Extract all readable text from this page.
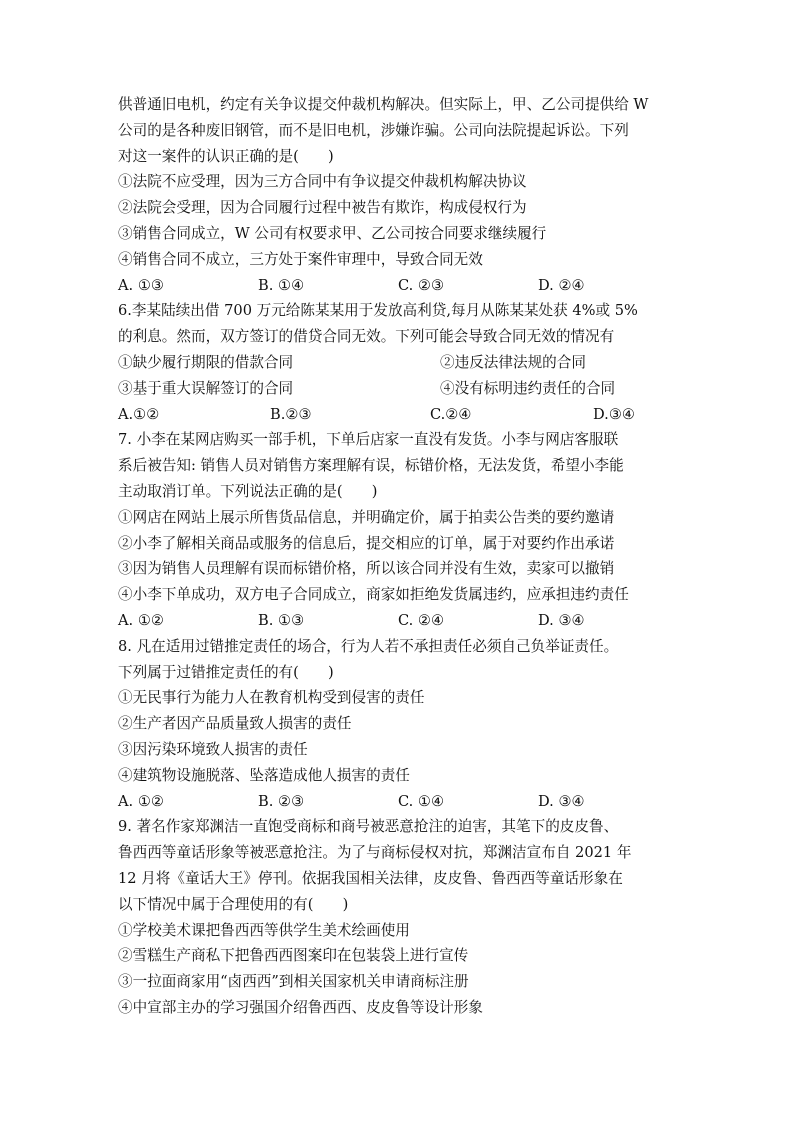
供普通旧电机，约定有关争议提交仲裁机构解决。但实际上，甲、乙公司提供给 W
公司的是各种废旧钢管，而不是旧电机，涉嫌诈骗。公司向法院提起诉讼。下列
对这一案件的认识正确的是(　　)
①法院不应受理，因为三方合同中有争议提交仲裁机构解决协议
②法院会受理，因为合同履行过程中被告有欺诈，构成侵权行为
③销售合同成立，W 公司有权要求甲、乙公司按合同要求继续履行
④销售合同不成立，三方处于案件审理中，导致合同无效
A. ①③	B. ①④	C. ②③	D. ②④
6.李某陆续出借 700 万元给陈某某用于发放高利贷,每月从陈某某处获 4%或 5%
的利息。然而，双方签订的借贷合同无效。下列可能会导致合同无效的情况有
①缺少履行期限的借款合同	②违反法律法规的合同
③基于重大误解签订的合同	④没有标明违约责任的合同
A.①②	B.②③	C.②④	D.③④
7. 小李在某网店购买一部手机，下单后店家一直没有发货。小李与网店客服联
系后被告知: 销售人员对销售方案理解有误，标错价格，无法发货，希望小李能
主动取消订单。下列说法正确的是(　　)
①网店在网站上展示所售货品信息，并明确定价，属于拍卖公告类的要约邀请
②小李了解相关商品或服务的信息后，提交相应的订单，属于对要约作出承诺
③因为销售人员理解有误而标错价格，所以该合同并没有生效，卖家可以撤销
④小李下单成功，双方电子合同成立，商家如拒绝发货属违约，应承担违约责任
A. ①②	B. ①③	C. ②④	D. ③④
8. 凡在适用过错推定责任的场合，行为人若不承担责任必须自己负举证责任。
下列属于过错推定责任的有(　　)
①无民事行为能力人在教育机构受到侵害的责任
②生产者因产品质量致人损害的责任
③因污染环境致人损害的责任
④建筑物设施脱落、坠落造成他人损害的责任
A. ①②	B. ②③	C. ①④	D. ③④
9. 著名作家郑渊洁一直饱受商标和商号被恶意抢注的迫害，其笔下的皮皮鲁、
鲁西西等童话形象等被恶意抢注。为了与商标侵权对抗，郑渊洁宣布自 2021 年
12 月将《童话大王》停刊。依据我国相关法律，皮皮鲁、鲁西西等童话形象在
以下情况中属于合理使用的有(　　)
①学校美术课把鲁西西等供学生美术绘画使用
②雪糕生产商私下把鲁西西图案印在包装袋上进行宣传
③一拉面商家用“卤西西”到相关国家机关申请商标注册
④中宣部主办的学习强国介绍鲁西西、皮皮鲁等设计形象
